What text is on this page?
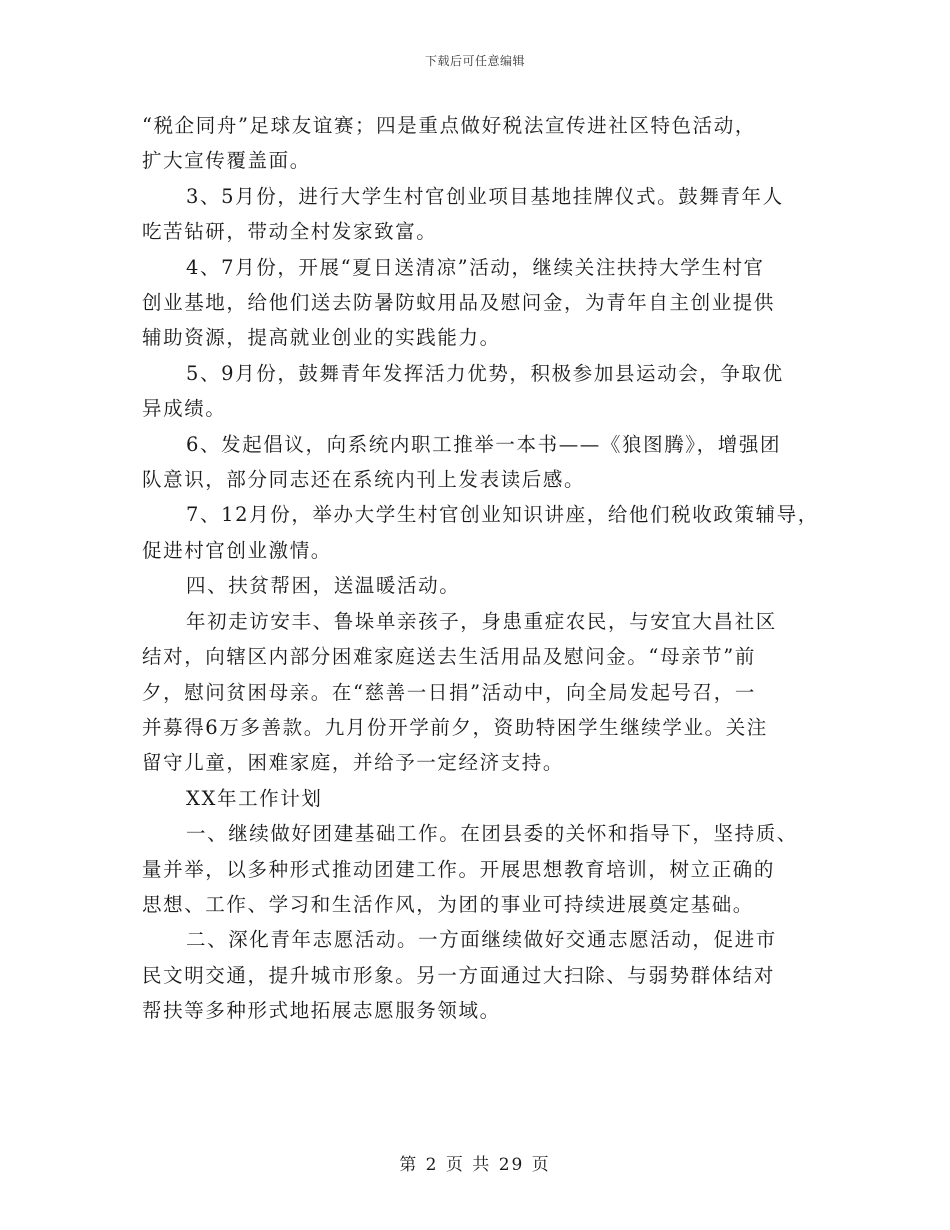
下载后可任意编辑

“税企同舟”足球友谊赛；四是重点做好税法宣传进社区特色活动，

扩大宣传覆盖面。

3、5月份，进行大学生村官创业项目基地挂牌仪式。鼓舞青年人

吃苦钻研，带动全村发家致富。

4、7月份，开展“夏日送清凉”活动，继续关注扶持大学生村官

创业基地，给他们送去防暑防蚊用品及慰问金，为青年自主创业提供

辅助资源，提高就业创业的实践能力。

5、9月份，鼓舞青年发挥活力优势，积极参加县运动会，争取优

异成绩。

6、发起倡议，向系统内职工推举一本书——《狼图腾》，增强团

队意识，部分同志还在系统内刊上发表读后感。

7、12月份，举办大学生村官创业知识讲座，给他们税收政策辅导，

促进村官创业激情。

四、扶贫帮困，送温暖活动。

年初走访安丰、鲁垛单亲孩子，身患重症农民，与安宜大昌社区

结对，向辖区内部分困难家庭送去生活用品及慰问金。“母亲节”前

夕，慰问贫困母亲。在“慈善一日捐”活动中，向全局发起号召，一

并募得6万多善款。九月份开学前夕，资助特困学生继续学业。关注

留守儿童，困难家庭，并给予一定经济支持。

XX年工作计划

一、继续做好团建基础工作。在团县委的关怀和指导下，坚持质、

量并举，以多种形式推动团建工作。开展思想教育培训，树立正确的

思想、工作、学习和生活作风，为团的事业可持续进展奠定基础。

二、深化青年志愿活动。一方面继续做好交通志愿活动，促进市

民文明交通，提升城市形象。另一方面通过大扫除、与弱势群体结对

帮扶等多种形式地拓展志愿服务领域。

第 2 页 共 29 页
